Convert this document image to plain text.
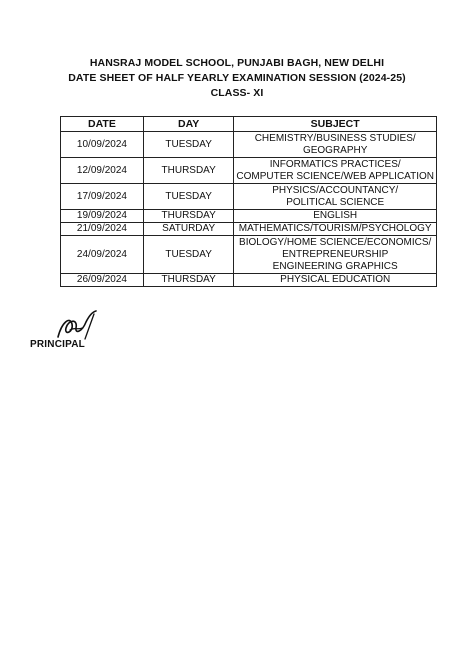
HANSRAJ MODEL SCHOOL, PUNJABI BAGH, NEW DELHI
DATE SHEET OF HALF YEARLY EXAMINATION SESSION (2024-25)
CLASS- XI
DATE	DAY	SUBJECT
10/09/2024	TUESDAY	CHEMISTRY/BUSINESS STUDIES/
GEOGRAPHY

12/09/2024	THURSDAY	INFORMATICS PRACTICES/
COMPUTER SCIENCE/WEB APPLICATION

17/09/2024	TUESDAY	PHYSICS/ACCOUNTANCY/
POLITICAL SCIENCE

19/09/2024	THURSDAY	ENGLISH

21/09/2024	SATURDAY	MATHEMATICS/TOURISM/PSYCHOLOGY

24/09/2024	TUESDAY	BIOLOGY/HOME SCIENCE/ECONOMICS/
ENTREPRENEURSHIP
ENGINEERING GRAPHICS

26/09/2024	THURSDAY	PHYSICAL EDUCATION
PRINCIPAL
